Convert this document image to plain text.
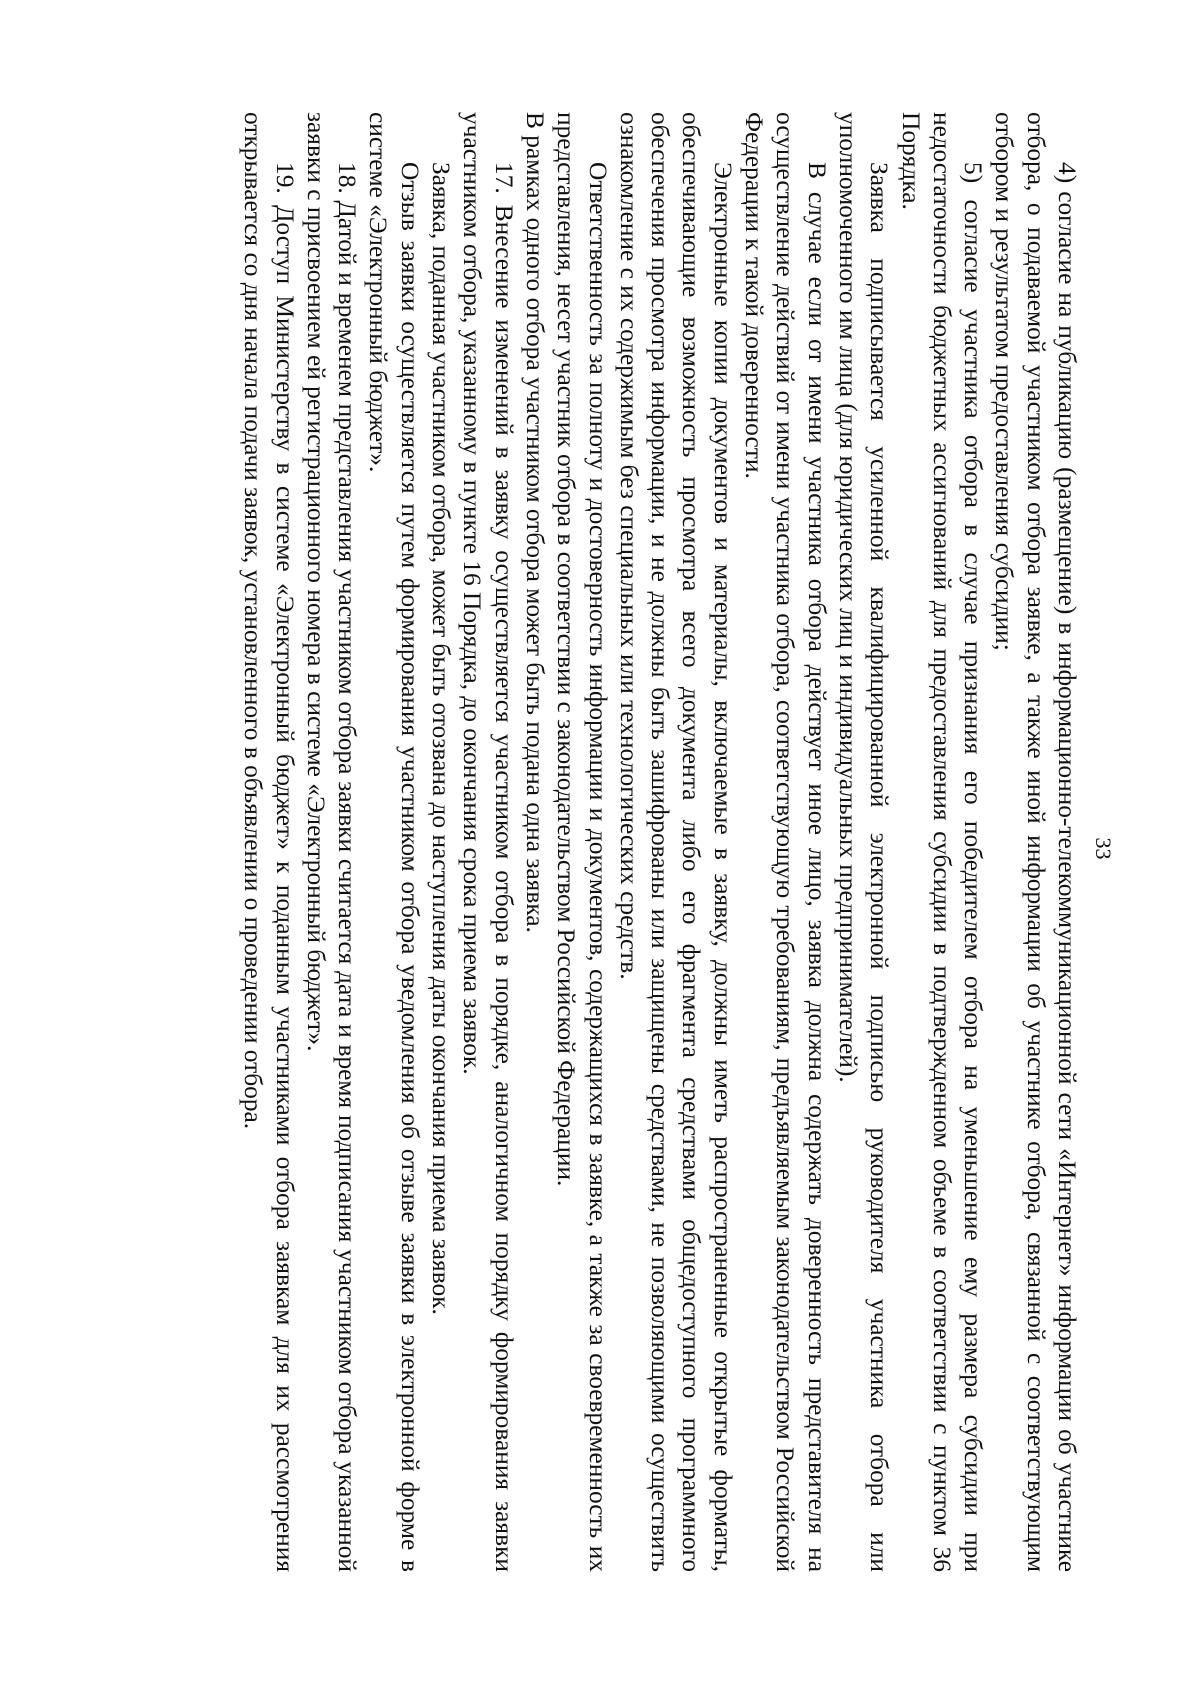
33

4) согласие на публикацию (размещение) в информационно-телекоммуникационной сети «Интернет» информации об участнике отбора, о подаваемой участником отбора заявке, а также иной информации об участнике отбора, связанной с соответствующим отбором и результатом предоставления субсидии;

5) согласие участника отбора в случае признания его победителем отбора на уменьшение ему размера субсидии при недостаточности бюджетных ассигнований для предоставления субсидии в подтвержденном объеме в соответствии с пунктом 36 Порядка.

Заявка подписывается усиленной квалифицированной электронной подписью руководителя участника отбора или уполномоченного им лица (для юридических лиц и индивидуальных предпринимателей).

В случае если от имени участника отбора действует иное лицо, заявка должна содержать доверенность представителя на осуществление действий от имени участника отбора, соответствующую требованиям, предъявляемым законодательством Российской Федерации к такой доверенности.

Электронные копии документов и материалы, включаемые в заявку, должны иметь распространенные открытые форматы, обеспечивающие возможность просмотра всего документа либо его фрагмента средствами общедоступного программного обеспечения просмотра информации, и не должны быть зашифрованы или защищены средствами, не позволяющими осуществить ознакомление с их содержимым без специальных или технологических средств.

Ответственность за полноту и достоверность информации и документов, содержащихся в заявке, а также за своевременность их представления, несет участник отбора в соответствии с законодательством Российской Федерации.

В рамках одного отбора участником отбора может быть подана одна заявка.

17. Внесение изменений в заявку осуществляется участником отбора в порядке, аналогичном порядку формирования заявки участником отбора, указанному в пункте 16 Порядка, до окончания срока приема заявок.

Заявка, поданная участником отбора, может быть отозвана до наступления даты окончания приема заявок.

Отзыв заявки осуществляется путем формирования участником отбора уведомления об отзыве заявки в электронной форме в системе «Электронный бюджет».

18. Датой и временем представления участником отбора заявки считается дата и время подписания участником отбора указанной заявки с присвоением ей регистрационного номера в системе «Электронный бюджет».

19. Доступ Министерству в системе «Электронный бюджет» к поданным участниками отбора заявкам для их рассмотрения открывается со дня начала подачи заявок, установленного в объявлении о проведении отбора.
